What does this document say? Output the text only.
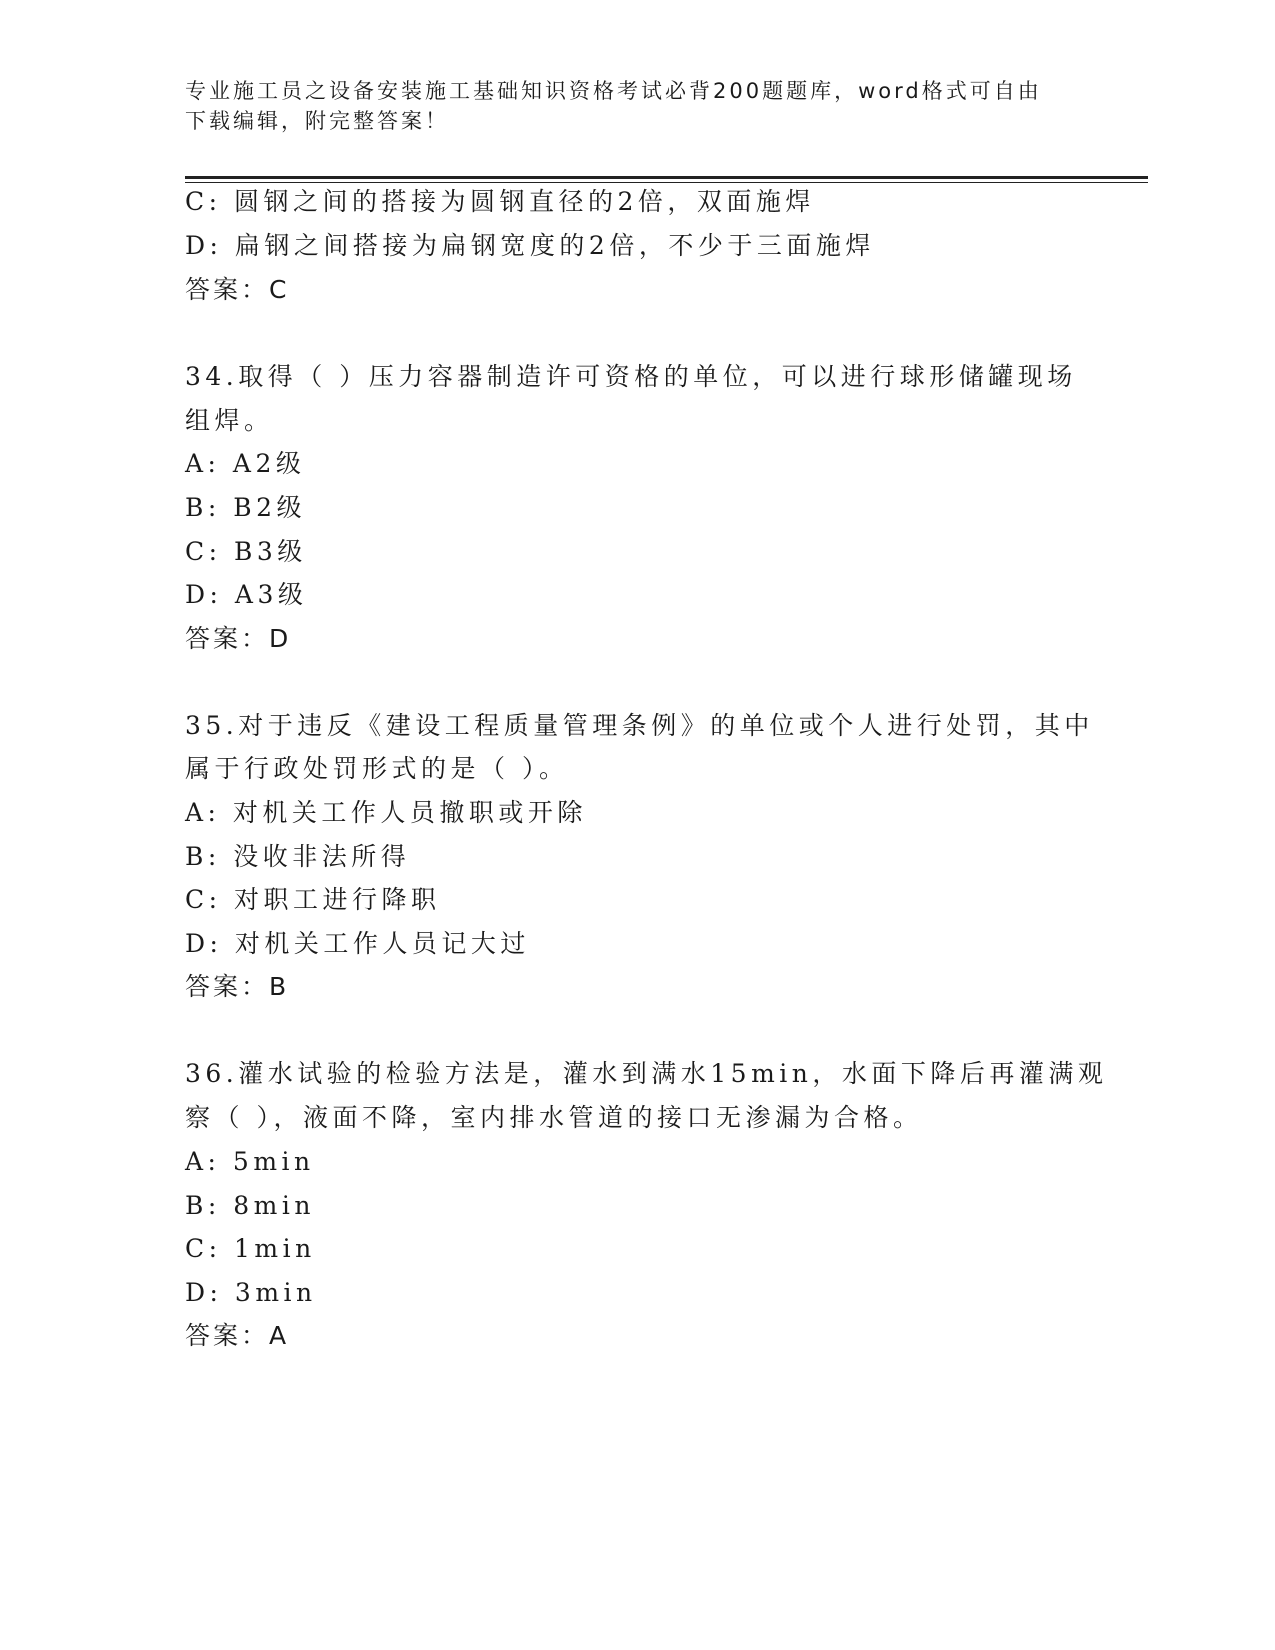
专业施工员之设备安装施工基础知识资格考试必背200题题库，word格式可自由
下载编辑，附完整答案！
C: 圆钢之间的搭接为圆钢直径的2倍，双面施焊
D: 扁钢之间搭接为扁钢宽度的2倍，不少于三面施焊
答案：C
34.取得（ ）压力容器制造许可资格的单位，可以进行球形储罐现场
组焊。
A: A2级
B: B2级
C: B3级
D: A3级
答案：D
35.对于违反《建设工程质量管理条例》的单位或个人进行处罚，其中
属于行政处罚形式的是（ ）。
A: 对机关工作人员撤职或开除
B: 没收非法所得
C: 对职工进行降职
D: 对机关工作人员记大过
答案：B
36.灌水试验的检验方法是，灌水到满水15min，水面下降后再灌满观
察（ ），液面不降，室内排水管道的接口无渗漏为合格。
A: 5min
B: 8min
C: 1min
D: 3min
答案：A
